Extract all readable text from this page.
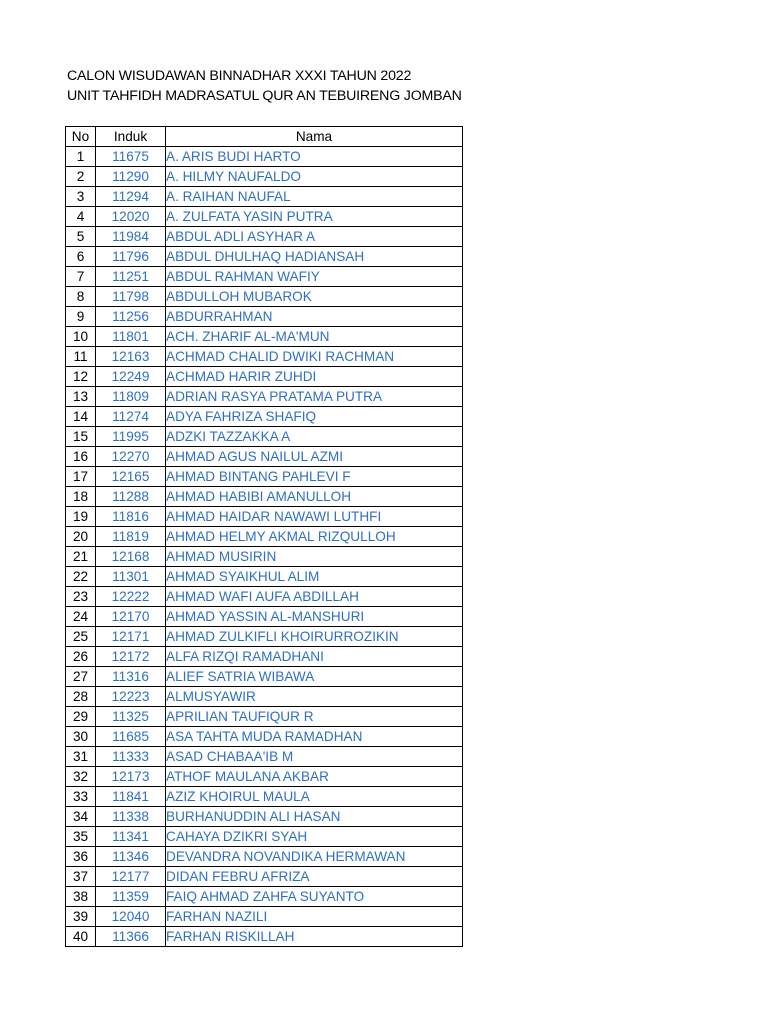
CALON WISUDAWAN BINNADHAR XXXI TAHUN 2022
UNIT TAHFIDH MADRASATUL QUR AN TEBUIRENG JOMBAN
No	Induk	Nama
1	11675	A. ARIS BUDI HARTO
2	11290	A. HILMY NAUFALDO
3	11294	A. RAIHAN NAUFAL
4	12020	A. ZULFATA YASIN PUTRA
5	11984	ABDUL ADLI ASYHAR A
6	11796	ABDUL DHULHAQ HADIANSAH
7	11251	ABDUL RAHMAN WAFIY
8	11798	ABDULLOH MUBAROK
9	11256	ABDURRAHMAN
10	11801	ACH. ZHARIF AL-MA'MUN
11	12163	ACHMAD CHALID DWIKI RACHMAN
12	12249	ACHMAD HARIR ZUHDI
13	11809	ADRIAN RASYA PRATAMA PUTRA
14	11274	ADYA FAHRIZA SHAFIQ
15	11995	ADZKI TAZZAKKA A
16	12270	AHMAD AGUS NAILUL AZMI
17	12165	AHMAD BINTANG PAHLEVI F
18	11288	AHMAD HABIBI AMANULLOH
19	11816	AHMAD HAIDAR NAWAWI LUTHFI
20	11819	AHMAD HELMY AKMAL RIZQULLOH
21	12168	AHMAD MUSIRIN
22	11301	AHMAD SYAIKHUL ALIM
23	12222	AHMAD WAFI AUFA ABDILLAH
24	12170	AHMAD YASSIN AL-MANSHURI
25	12171	AHMAD ZULKIFLI KHOIRURROZIKIN
26	12172	ALFA RIZQI RAMADHANI
27	11316	ALIEF SATRIA WIBAWA
28	12223	ALMUSYAWIR
29	11325	APRILIAN TAUFIQUR R
30	11685	ASA TAHTA MUDA RAMADHAN
31	11333	ASAD CHABAA'IB M
32	12173	ATHOF MAULANA AKBAR
33	11841	AZIZ KHOIRUL MAULA
34	11338	BURHANUDDIN ALI HASAN
35	11341	CAHAYA DZIKRI SYAH
36	11346	DEVANDRA NOVANDIKA HERMAWAN
37	12177	DIDAN FEBRU AFRIZA
38	11359	FAIQ AHMAD ZAHFA SUYANTO
39	12040	FARHAN NAZILI
40	11366	FARHAN RISKILLAH
